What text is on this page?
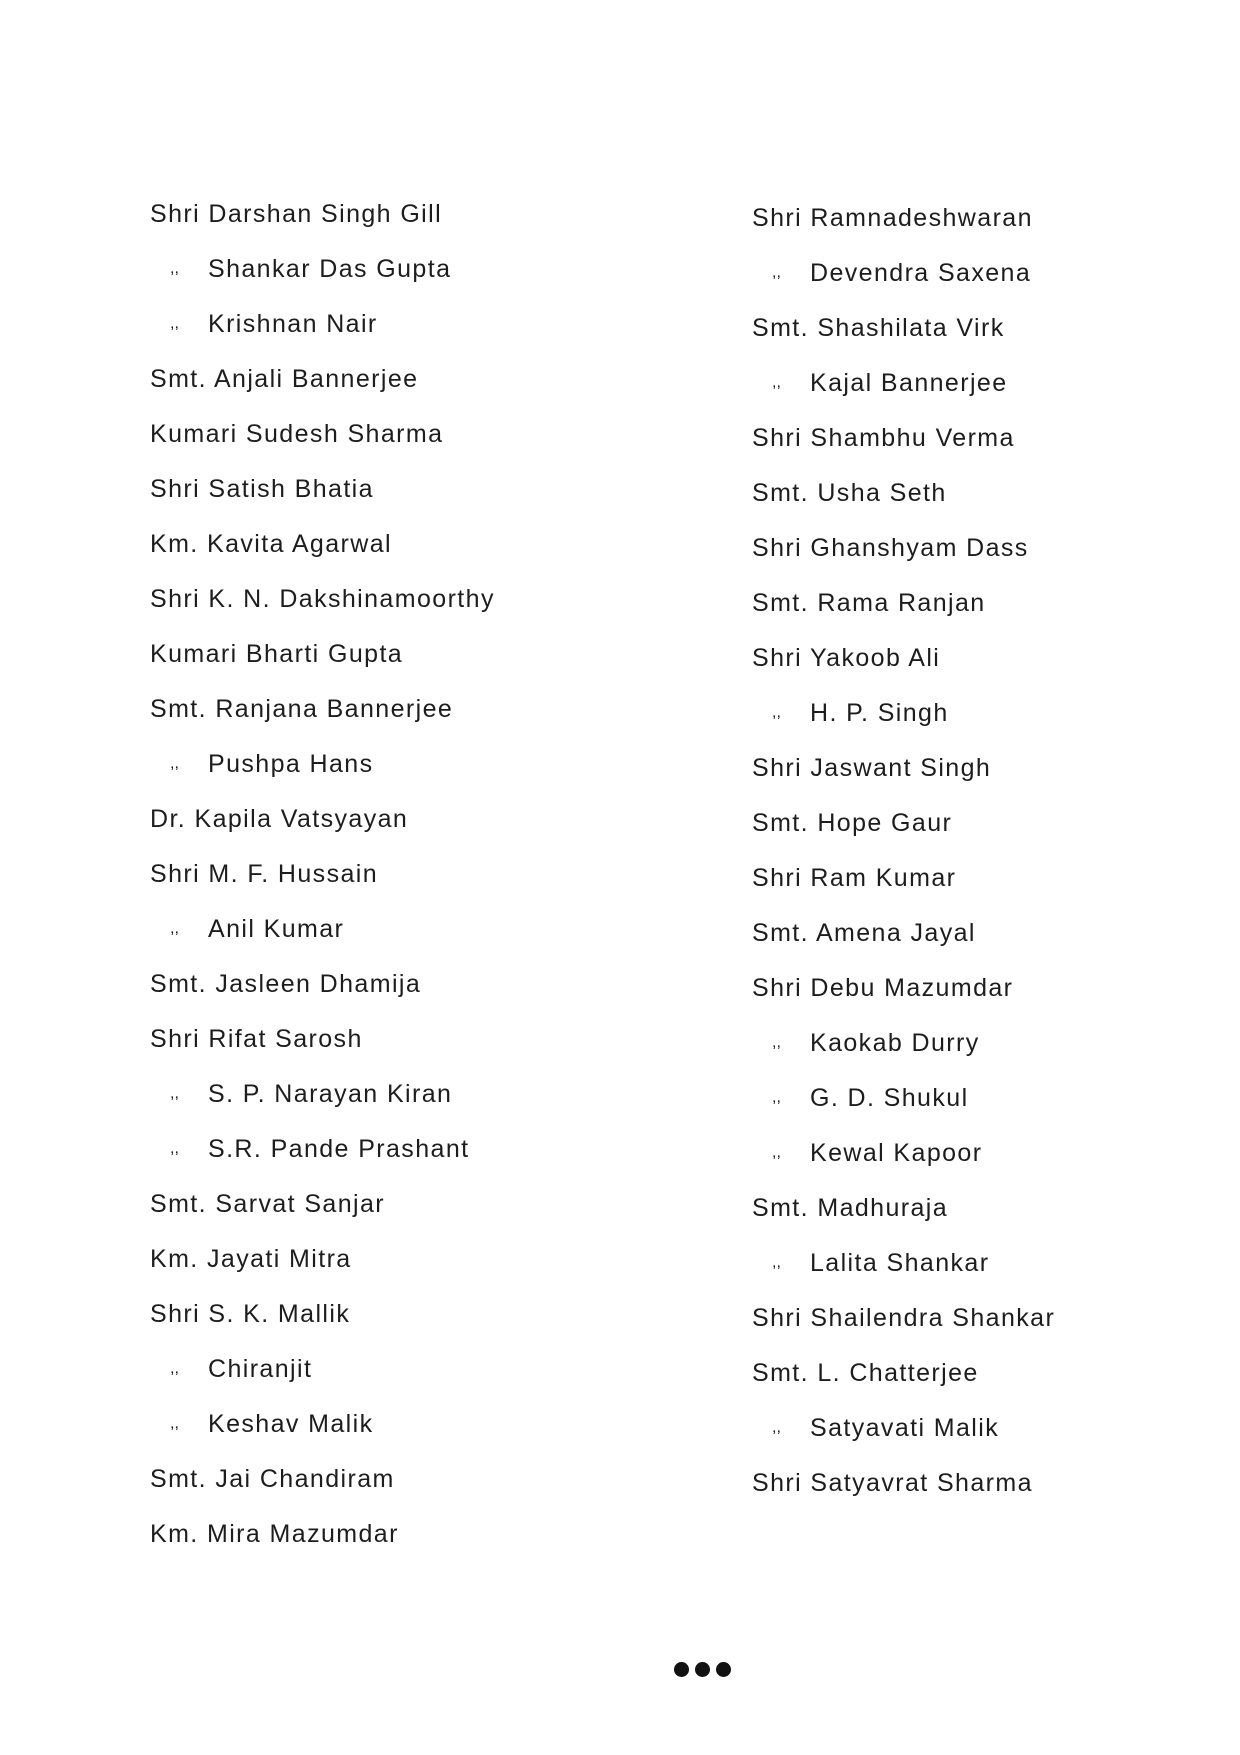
Shri Darshan Singh Gill
,,	Shankar Das Gupta
,,	Krishnan Nair
Smt. Anjali Bannerjee
Kumari Sudesh Sharma
Shri Satish Bhatia
Km. Kavita Agarwal
Shri K. N. Dakshinamoorthy
Kumari Bharti Gupta
Smt. Ranjana Bannerjee
,,	Pushpa Hans
Dr. Kapila Vatsyayan
Shri M. F. Hussain
,,	Anil Kumar
Smt. Jasleen Dhamija
Shri Rifat Sarosh
,,	S. P. Narayan Kiran
,,	S.R. Pande Prashant
Smt. Sarvat Sanjar
Km. Jayati Mitra
Shri S. K. Mallik
,,	Chiranjit
,,	Keshav Malik
Smt. Jai Chandiram
Km. Mira Mazumdar
Shri Ramnadeshwaran
,,	Devendra Saxena
Smt. Shashilata Virk
,,	Kajal Bannerjee
Shri Shambhu Verma
Smt. Usha Seth
Shri Ghanshyam Dass
Smt. Rama Ranjan
Shri Yakoob Ali
,,	H. P. Singh
Shri Jaswant Singh
Smt. Hope Gaur
Shri Ram Kumar
Smt. Amena Jayal
Shri Debu Mazumdar
,,	Kaokab Durry
,,	G. D. Shukul
,,	Kewal Kapoor
Smt. Madhuraja
,,	Lalita Shankar
Shri Shailendra Shankar
Smt. L. Chatterjee
,,	Satyavati Malik
Shri Satyavrat Sharma
